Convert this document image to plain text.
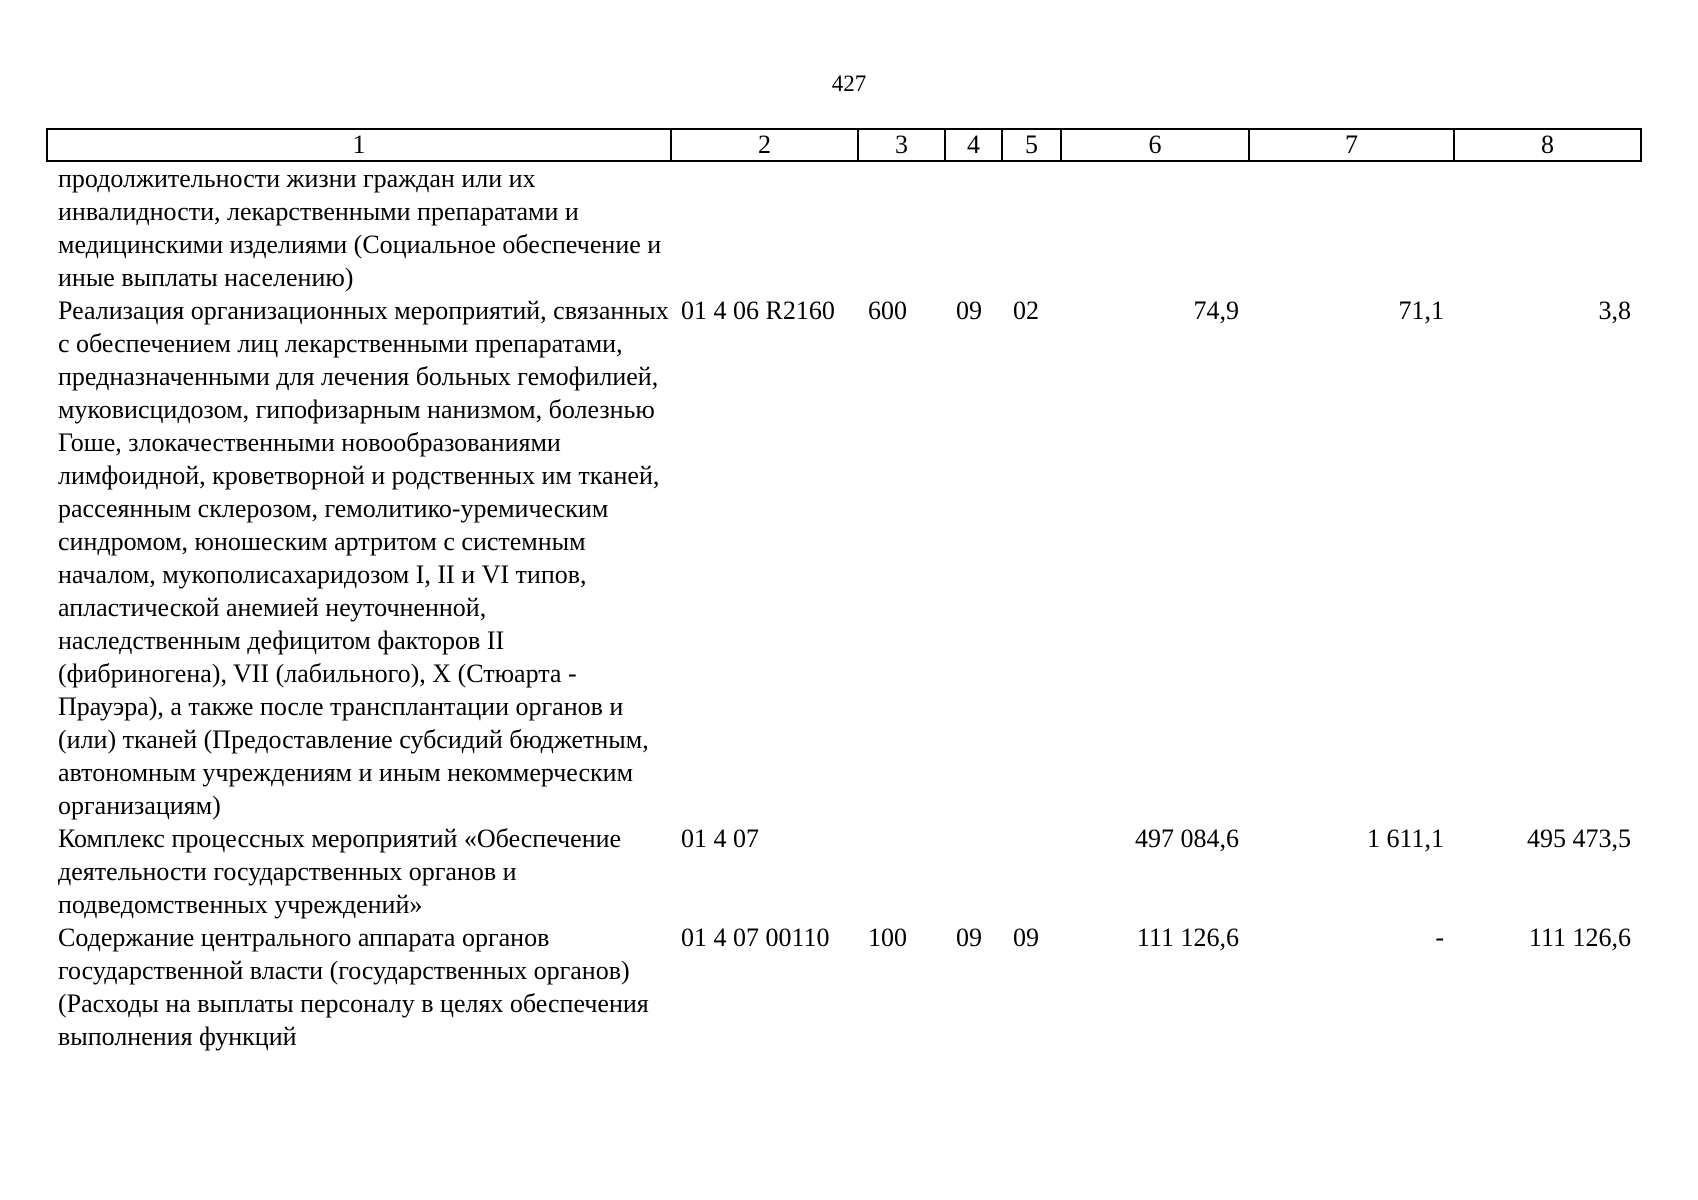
427
1	2	3	4	5	6	7	8
продолжительности жизни граждан или их инвалидности, лекарственными препаратами и медицинскими изделиями (Социальное обеспечение и иные выплаты населению)							
Реализация организационных мероприятий, связанных с обеспечением лиц лекарственными препаратами, предназначенными для лечения больных гемофилией, муковисцидозом, гипофизарным нанизмом, болезнью Гоше, злокачественными новообразованиями лимфоидной, кроветворной и родственных им тканей, рассеянным склерозом, гемолитико-уремическим синдромом, юношеским артритом с системным началом, мукополисахаридозом I, II и VI типов, апластической анемией неуточненной, наследственным дефицитом факторов II (фибриногена), VII (лабильного), X (Стюарта - Прауэра), а также после трансплантации органов и (или) тканей (Предоставление субсидий бюджетным, автономным учреждениям и иным некоммерческим организациям)	01 4 06 R2160	600	09	02	74,9	71,1	3,8
Комплекс процессных мероприятий «Обеспечение деятельности государственных органов и подведомственных учреждений»	01 4 07				497 084,6	1 611,1	495 473,5
Содержание центрального аппарата органов государственной власти (государственных органов) (Расходы на выплаты персоналу в целях обеспечения выполнения функций	01 4 07 00110	100	09	09	111 126,6	-	111 126,6
